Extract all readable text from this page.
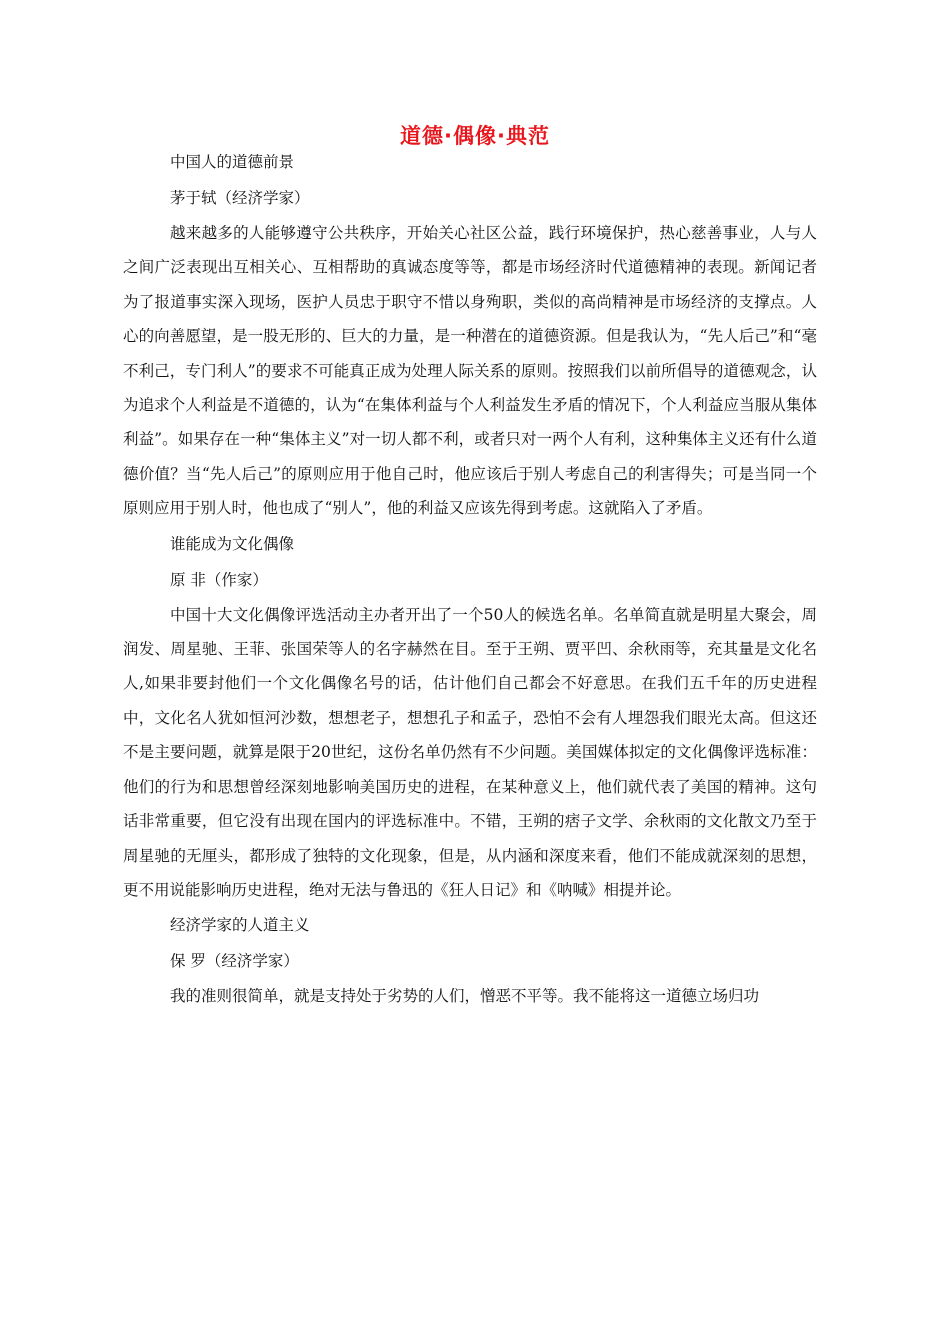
道德·偶像·典范

中国人的道德前景

茅于轼（经济学家）

越来越多的人能够遵守公共秩序，开始关心社区公益，践行环境保护，热心慈善事业，人与人之间广泛表现出互相关心、互相帮助的真诚态度等等，都是市场经济时代道德精神的表现。新闻记者为了报道事实深入现场，医护人员忠于职守不惜以身殉职，类似的高尚精神是市场经济的支撑点。人心的向善愿望，是一股无形的、巨大的力量，是一种潜在的道德资源。但是我认为，“先人后己”和“毫不利己，专门利人”的要求不可能真正成为处理人际关系的原则。按照我们以前所倡导的道德观念，认为追求个人利益是不道德的，认为“在集体利益与个人利益发生矛盾的情况下，个人利益应当服从集体利益”。如果存在一种“集体主义”对一切人都不利，或者只对一两个人有利，这种集体主义还有什么道德价值？当“先人后己”的原则应用于他自己时，他应该后于别人考虑自己的利害得失；可是当同一个原则应用于别人时，他也成了“别人”，他的利益又应该先得到考虑。这就陷入了矛盾。

谁能成为文化偶像

原 非（作家）

中国十大文化偶像评选活动主办者开出了一个50人的候选名单。名单简直就是明星大聚会，周润发、周星驰、王菲、张国荣等人的名字赫然在目。至于王朔、贾平凹、余秋雨等，充其量是文化名人,如果非要封他们一个文化偶像名号的话，估计他们自己都会不好意思。在我们五千年的历史进程中，文化名人犹如恒河沙数，想想老子，想想孔子和孟子，恐怕不会有人埋怨我们眼光太高。但这还不是主要问题，就算是限于20世纪，这份名单仍然有不少问题。美国媒体拟定的文化偶像评选标准：他们的行为和思想曾经深刻地影响美国历史的进程，在某种意义上，他们就代表了美国的精神。这句话非常重要，但它没有出现在国内的评选标准中。不错，王朔的痞子文学、余秋雨的文化散文乃至于周星驰的无厘头，都形成了独特的文化现象，但是，从内涵和深度来看，他们不能成就深刻的思想，更不用说能影响历史进程，绝对无法与鲁迅的《狂人日记》和《呐喊》相提并论。

经济学家的人道主义

保 罗（经济学家）

我的准则很简单，就是支持处于劣势的人们，憎恶不平等。我不能将这一道德立场归功
